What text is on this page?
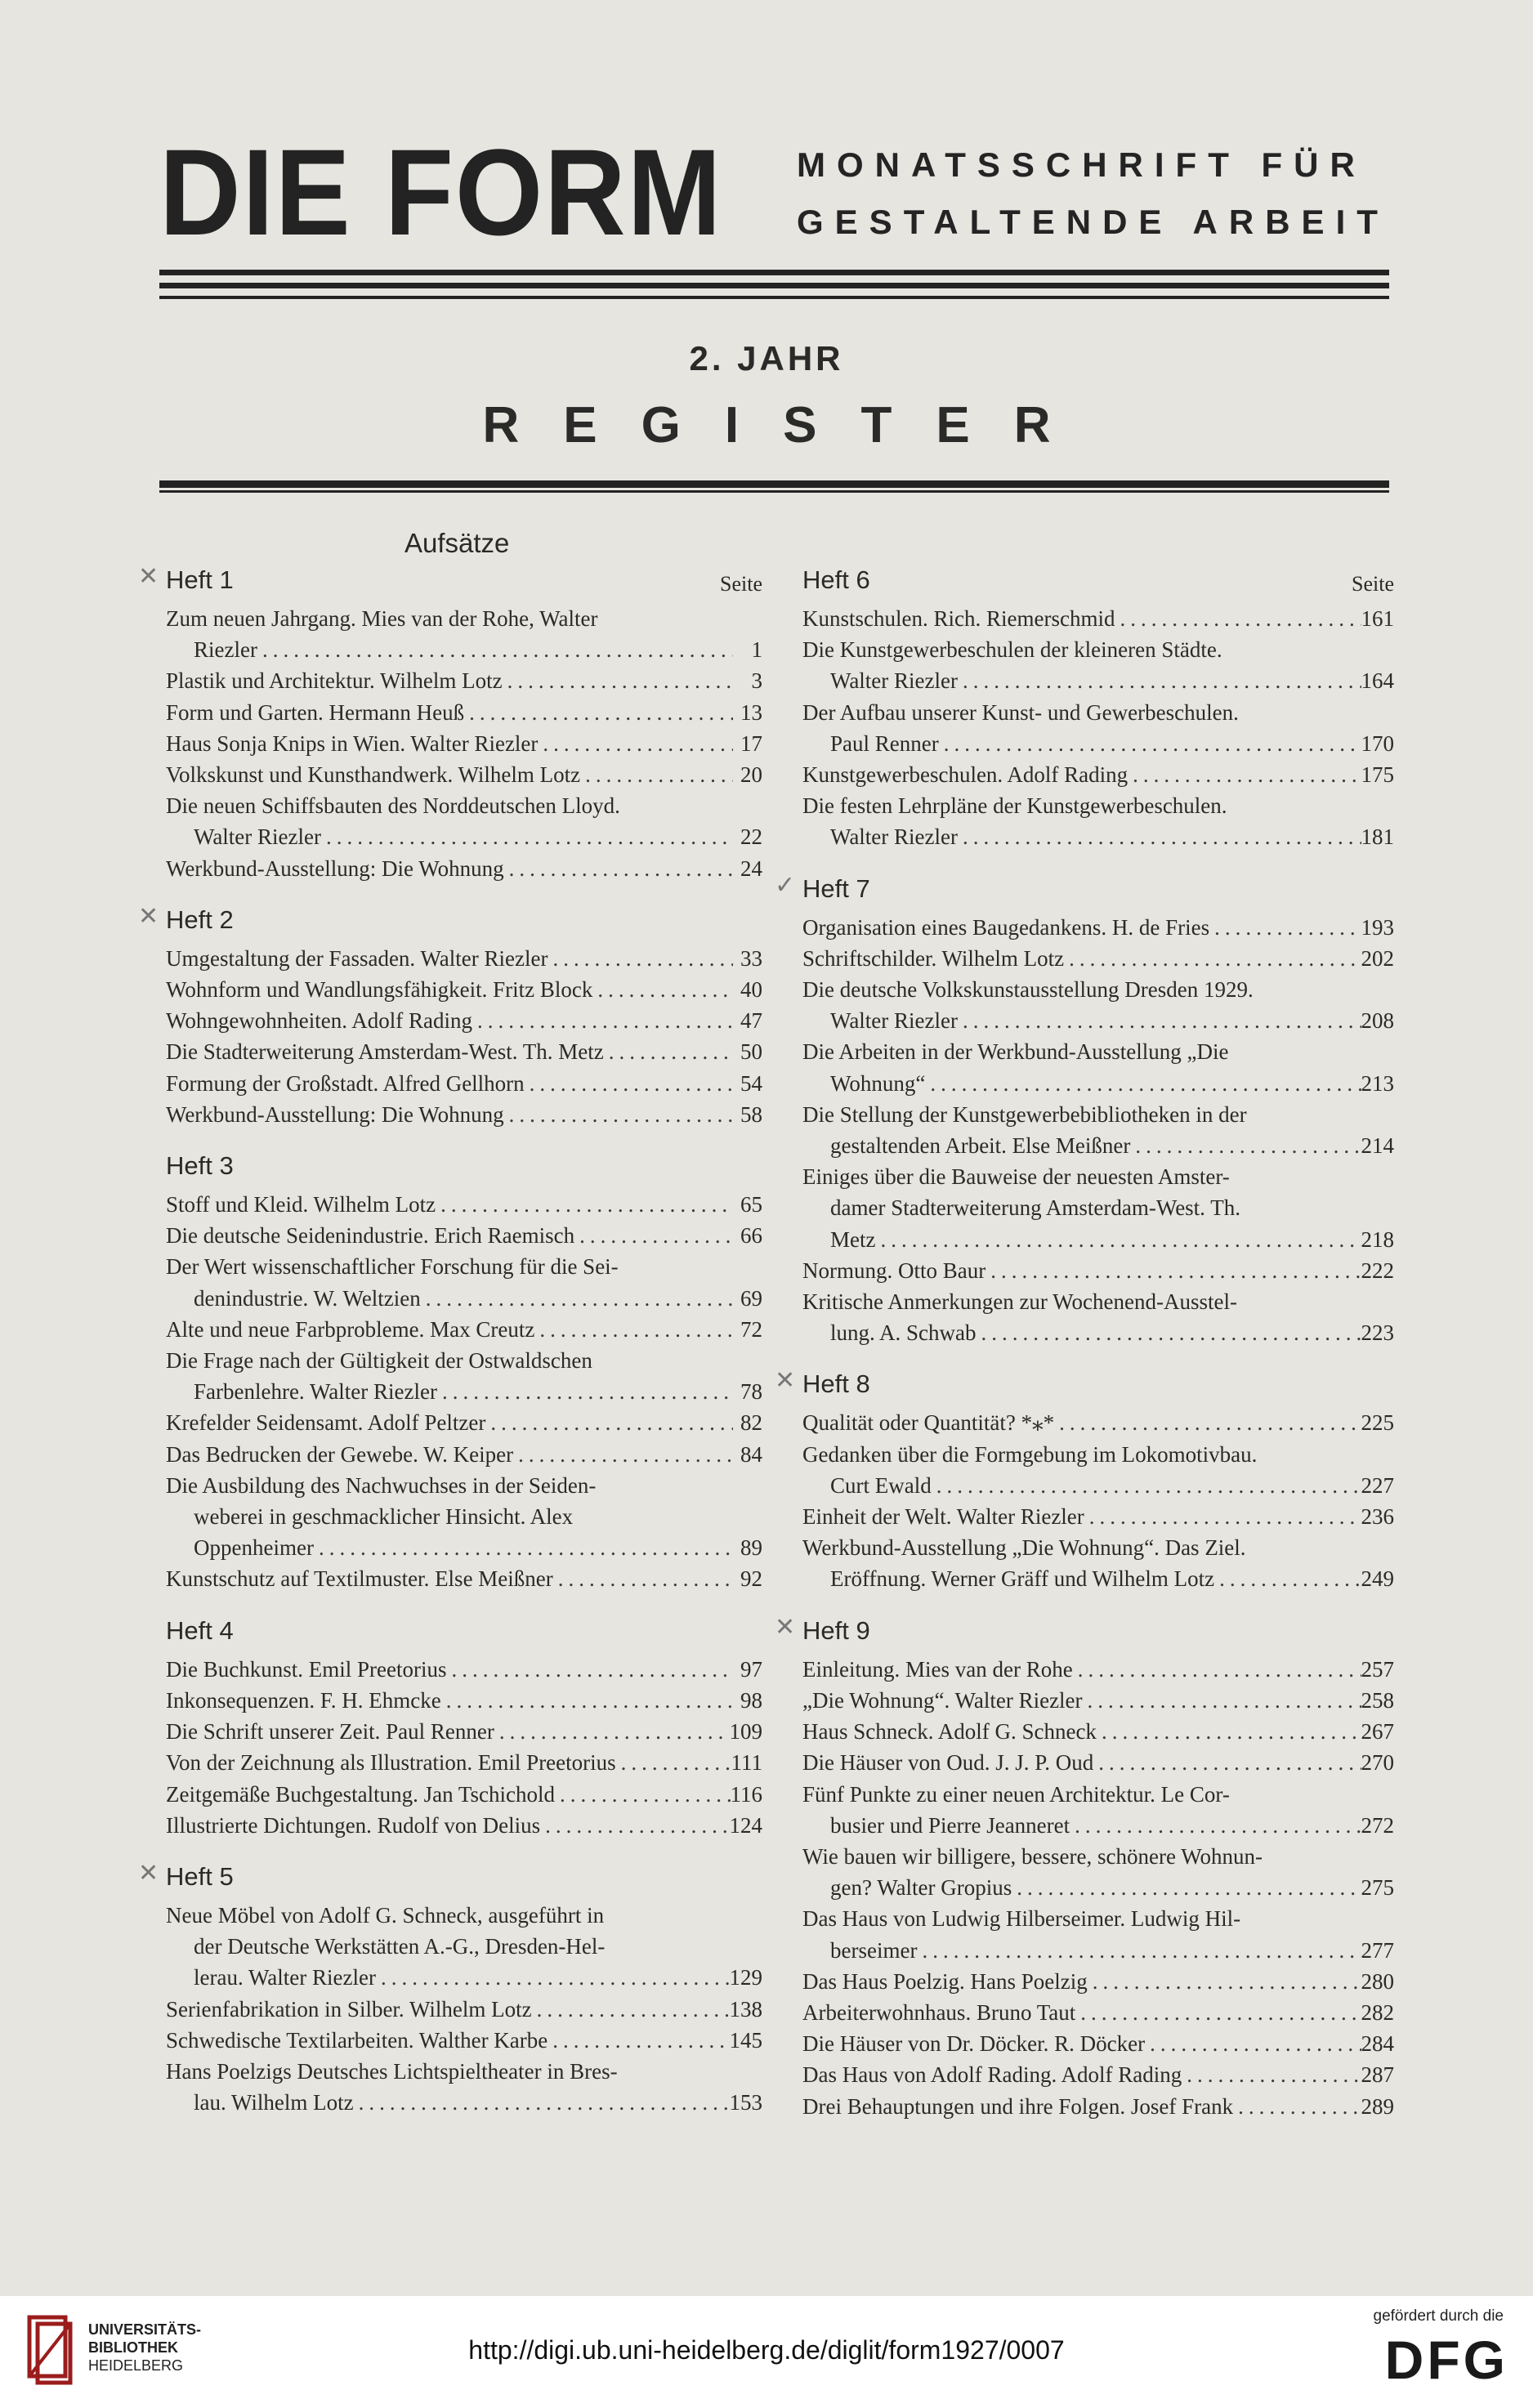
DIE FORM MONATSSCHRIFT FÜR
GESTALTENDE ARBEIT
2. JAHR
REGISTER
Aufsätze
Heft 1
✕	Seite
Zum neuen Jahrgang. Mies van der Rohe, Walter
Riezler .....	1
Plastik und Architektur. Wilhelm Lotz .....	3
Form und Garten. Hermann Heuß .....	13
Haus Sonja Knips in Wien. Walter Riezler .....	17
Volkskunst und Kunsthandwerk. Wilhelm Lotz .....	20
Die neuen Schiffsbauten des Norddeutschen Lloyd.
Walter Riezler .....	22
Werkbund-Ausstellung: Die Wohnung .....	24
Heft 2
✕
Umgestaltung der Fassaden. Walter Riezler .....	33
Wohnform und Wandlungsfähigkeit. Fritz Block .....	40
Wohngewohnheiten. Adolf Rading .....	47
Die Stadterweiterung Amsterdam-West. Th. Metz .....	50
Formung der Großstadt. Alfred Gellhorn .....	54
Werkbund-Ausstellung: Die Wohnung .....	58
Heft 3
Stoff und Kleid. Wilhelm Lotz .....	65
Die deutsche Seidenindustrie. Erich Raemisch .....	66
Der Wert wissenschaftlicher Forschung für die Sei-
denindustrie. W. Weltzien .....	69
Alte und neue Farbprobleme. Max Creutz .....	72
Die Frage nach der Gültigkeit der Ostwaldschen
Farbenlehre. Walter Riezler .....	78
Krefelder Seidensamt. Adolf Peltzer .....	82
Das Bedrucken der Gewebe. W. Keiper .....	84
Die Ausbildung des Nachwuchses in der Seiden-
weberei in geschmacklicher Hinsicht. Alex
Oppenheimer .....	89
Kunstschutz auf Textilmuster. Else Meißner .....	92
Heft 4
Die Buchkunst. Emil Preetorius .....	97
Inkonsequenzen. F. H. Ehmcke .....	98
Die Schrift unserer Zeit. Paul Renner .....	109
Von der Zeichnung als Illustration. Emil Preetorius .....	111
Zeitgemäße Buchgestaltung. Jan Tschichold .....	116
Illustrierte Dichtungen. Rudolf von Delius .....	124
Heft 5
✕
Neue Möbel von Adolf G. Schneck, ausgeführt in
der Deutsche Werkstätten A.-G., Dresden-Hel-
lerau. Walter Riezler .....	129
Serienfabrikation in Silber. Wilhelm Lotz .....	138
Schwedische Textilarbeiten. Walther Karbe .....	145
Hans Poelzigs Deutsches Lichtspieltheater in Bres-
lau. Wilhelm Lotz .....	153
Heft 6	Seite
Kunstschulen. Rich. Riemerschmid .....	161
Die Kunstgewerbeschulen der kleineren Städte.
Walter Riezler .....	164
Der Aufbau unserer Kunst- und Gewerbeschulen.
Paul Renner .....	170
Kunstgewerbeschulen. Adolf Rading .....	175
Die festen Lehrpläne der Kunstgewerbeschulen.
Walter Riezler .....	181
Heft 7
✓
Organisation eines Baugedankens. H. de Fries .....	193
Schriftschilder. Wilhelm Lotz .....	202
Die deutsche Volkskunstausstellung Dresden 1929.
Walter Riezler .....	208
Die Arbeiten in der Werkbund-Ausstellung „Die
Wohnung“ .....	213
Die Stellung der Kunstgewerbebibliotheken in der
gestaltenden Arbeit. Else Meißner .....	214
Einiges über die Bauweise der neuesten Amster-
damer Stadterweiterung Amsterdam-West. Th.
Metz .....	218
Normung. Otto Baur .....	222
Kritische Anmerkungen zur Wochenend-Ausstel-
lung. A. Schwab .....	223
Heft 8
✕
Qualität oder Quantität? *⁎* .....	225
Gedanken über die Formgebung im Lokomotivbau.
Curt Ewald .....	227
Einheit der Welt. Walter Riezler .....	236
Werkbund-Ausstellung „Die Wohnung“. Das Ziel.
Eröffnung. Werner Gräff und Wilhelm Lotz .....	249
Heft 9
✕
Einleitung. Mies van der Rohe .....	257
„Die Wohnung“. Walter Riezler .....	258
Haus Schneck. Adolf G. Schneck .....	267
Die Häuser von Oud. J. J. P. Oud .....	270
Fünf Punkte zu einer neuen Architektur. Le Cor-
busier und Pierre Jeanneret .....	272
Wie bauen wir billigere, bessere, schönere Wohnun-
gen? Walter Gropius .....	275
Das Haus von Ludwig Hilberseimer. Ludwig Hil-
berseimer .....	277
Das Haus Poelzig. Hans Poelzig .....	280
Arbeiterwohnhaus. Bruno Taut .....	282
Die Häuser von Dr. Döcker. R. Döcker .....	284
Das Haus von Adolf Rading. Adolf Rading .....	287
Drei Behauptungen und ihre Folgen. Josef Frank .....	289
UNIVERSITÄTS-
BIBLIOTHEK
HEIDELBERG
http://digi.ub.uni-heidelberg.de/diglit/form1927/0007
gefördert durch die
DFG
